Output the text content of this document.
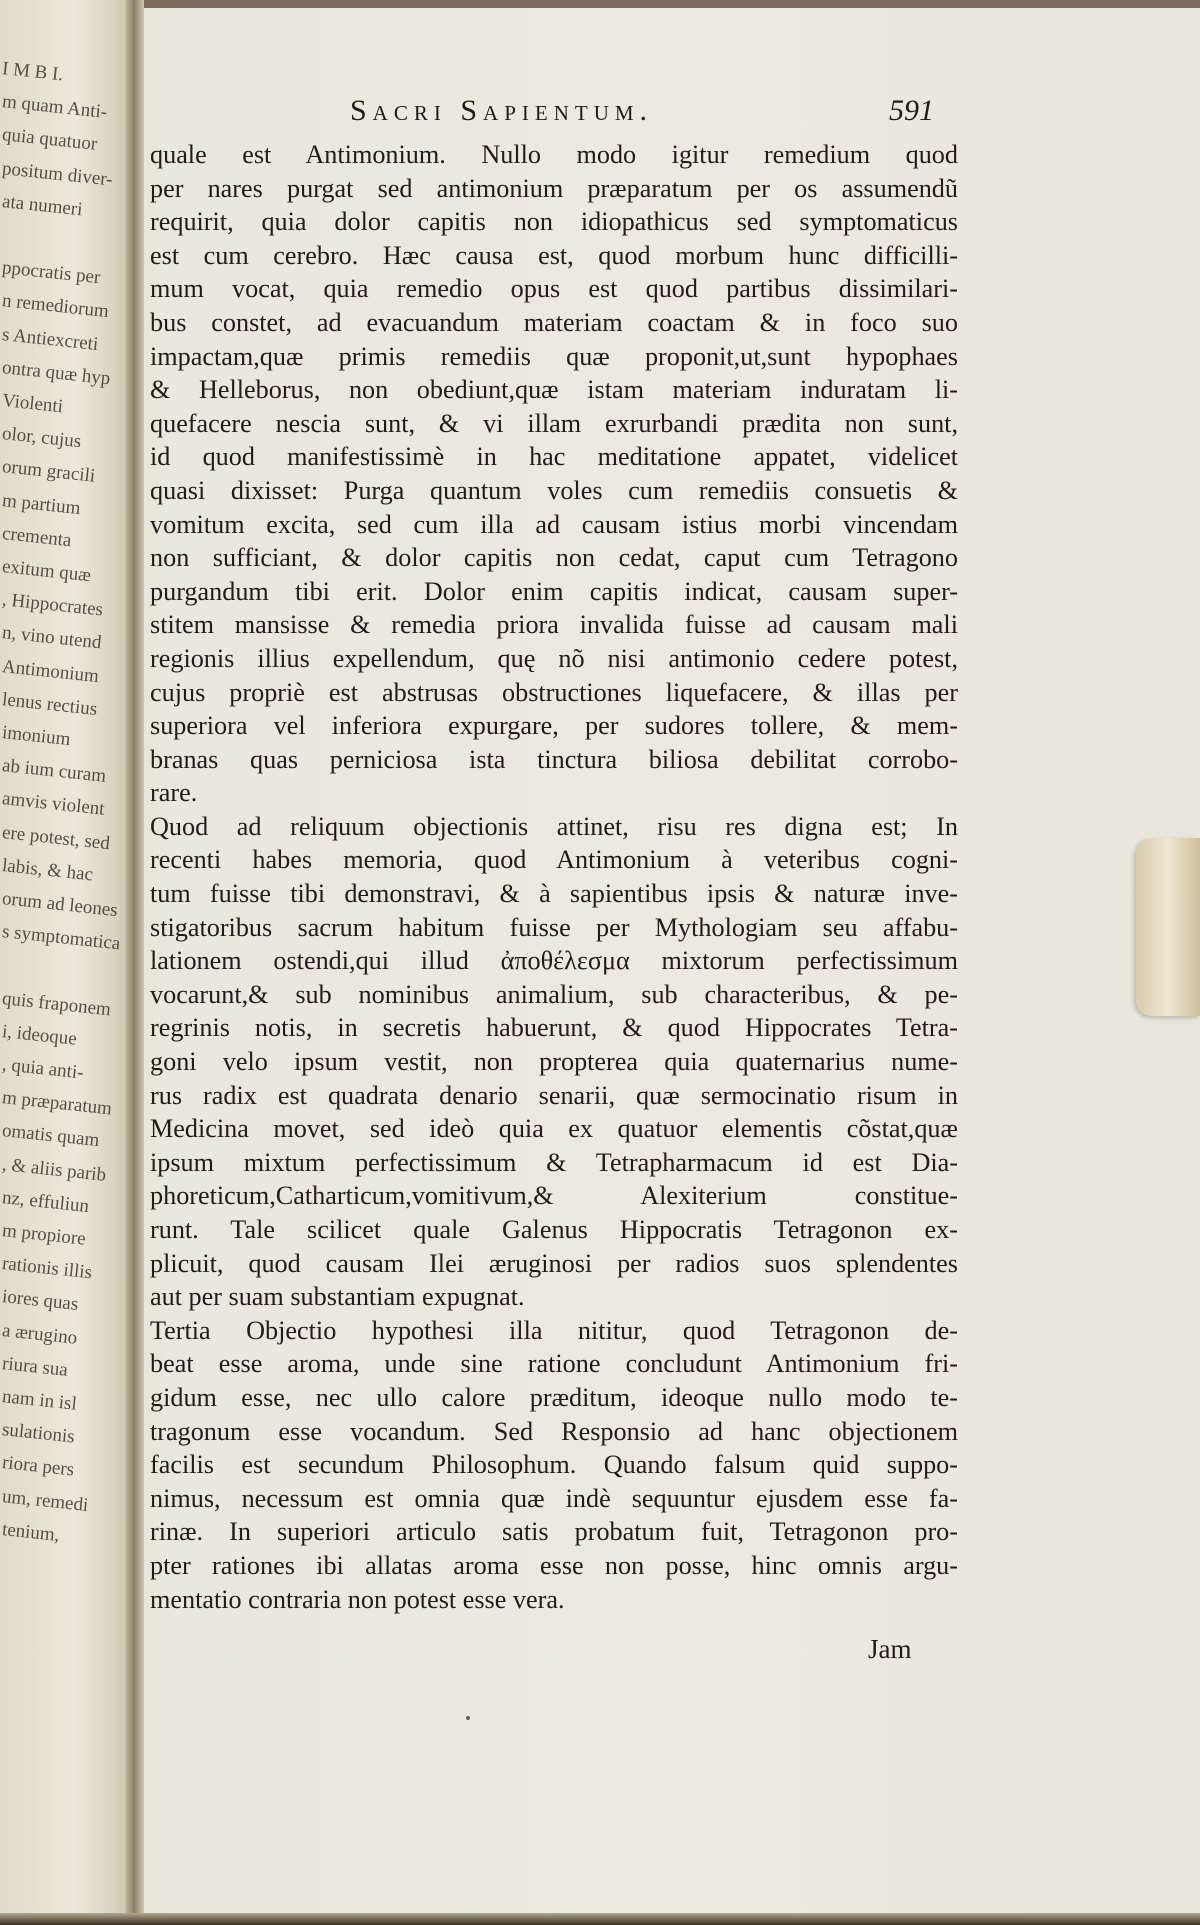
I M B I.
m quam Anti-
quia quatuor
positum diver-
ata numeri
ppocratis per
n remediorum
s Antiexcreti
ontra quæ hyp
Violenti
olor, cujus
orum gracili
m partium
crementa
exitum quæ
, Hippocrates
n, vino utend
Antimonium
lenus rectius
imonium
ab ium curam
amvis violent
ere potest, sed
labis, & hac
orum ad leones
s symptomatica
quis fraponem
i, ideoque
, quia anti-
m præparatum
omatis quam
, & aliis parib
nz, effuliun
m propiore
rationis illis
iores quas
a ærugino
riura sua
nam in isl
sulationis
riora pers
um, remedi
tenium,
Sacri Sapientum.	591
quale est Antimonium. Nullo modo igitur remedium quod
per nares purgat sed antimonium præparatum per os assumendũ
requirit, quia dolor capitis non idiopathicus sed symptomaticus
est cum cerebro. Hæc causa est, quod morbum hunc difficilli-
mum vocat, quia remedio opus est quod partibus dissimilari-
bus constet, ad evacuandum materiam coactam & in foco suo
impactam,quæ primis remediis quæ proponit,ut,sunt hypophaes
& Helleborus, non obediunt,quæ istam materiam induratam li-
quefacere nescia sunt, & vi illam exrurbandi prædita non sunt,
id quod manifestissimè in hac meditatione appatet, videlicet
quasi dixisset: Purga quantum voles cum remediis consuetis &
vomitum excita, sed cum illa ad causam istius morbi vincendam
non sufficiant, & dolor capitis non cedat, caput cum Tetragono
purgandum tibi erit. Dolor enim capitis indicat, causam super-
stitem mansisse & remedia priora invalida fuisse ad causam mali
regionis illius expellendum, quę nõ nisi antimonio cedere potest,
cujus propriè est abstrusas obstructiones liquefacere, & illas per
superiora vel inferiora expurgare, per sudores tollere, & mem-
branas quas perniciosa ista tinctura biliosa debilitat corrobo-
rare.
Quod ad reliquum objectionis attinet, risu res digna est; In
recenti habes memoria, quod Antimonium à veteribus cogni-
tum fuisse tibi demonstravi, & à sapientibus ipsis & naturæ inve-
stigatoribus sacrum habitum fuisse per Mythologiam seu affabu-
lationem ostendi,qui illud ἀποθέλεσμα mixtorum perfectissimum
vocarunt,& sub nominibus animalium, sub characteribus, & pe-
regrinis notis, in secretis habuerunt, & quod Hippocrates Tetra-
goni velo ipsum vestit, non propterea quia quaternarius nume-
rus radix est quadrata denario senarii, quæ sermocinatio risum in
Medicina movet, sed ideò quia ex quatuor elementis cõstat,quæ
ipsum mixtum perfectissimum & Tetrapharmacum id est Dia-
phoreticum,Catharticum,vomitivum,& Alexiterium constitue-
runt. Tale scilicet quale Galenus Hippocratis Tetragonon ex-
plicuit, quod causam Ilei æruginosi per radios suos splendentes
aut per suam substantiam expugnat.
Tertia Objectio hypothesi illa nititur, quod Tetragonon de-
beat esse aroma, unde sine ratione concludunt Antimonium fri-
gidum esse, nec ullo calore præditum, ideoque nullo modo te-
tragonum esse vocandum. Sed Responsio ad hanc objectionem
facilis est secundum Philosophum. Quando falsum quid suppo-
nimus, necessum est omnia quæ indè sequuntur ejusdem esse fa-
rinæ. In superiori articulo satis probatum fuit, Tetragonon pro-
pter rationes ibi allatas aroma esse non posse, hinc omnis argu-
mentatio contraria non potest esse vera.
Jam
